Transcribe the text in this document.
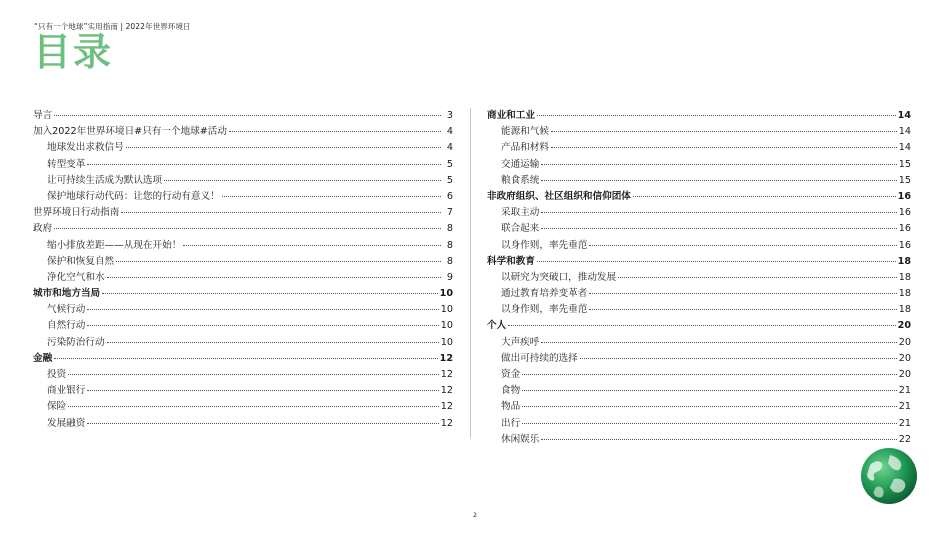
“只有一个地球”实用指南 | 2022年世界环境日
目录
导言	3
加入2022年世界环境日#只有一个地球#活动	4
地球发出求救信号	4
转型变革	5
让可持续生活成为默认选项	5
保护地球行动代码：让您的行动有意义！	6
世界环境日行动指南	7
政府	8
缩小排放差距——从现在开始！	8
保护和恢复自然	8
净化空气和水	9
城市和地方当局	10
气候行动	10
自然行动	10
污染防治行动	10
金融	12
投资	12
商业银行	12
保险	12
发展融资	12
商业和工业	14
能源和气候	14
产品和材料	14
交通运输	15
粮食系统	15
非政府组织、社区组织和信仰团体	16
采取主动	16
联合起来	16
以身作则，率先垂范	16
科学和教育	18
以研究为突破口，推动发展	18
通过教育培养变革者	18
以身作则，率先垂范	18
个人	20
大声疾呼	20
做出可持续的选择	20
资金	20
食物	21
物品	21
出行	21
休闲娱乐	22
2
